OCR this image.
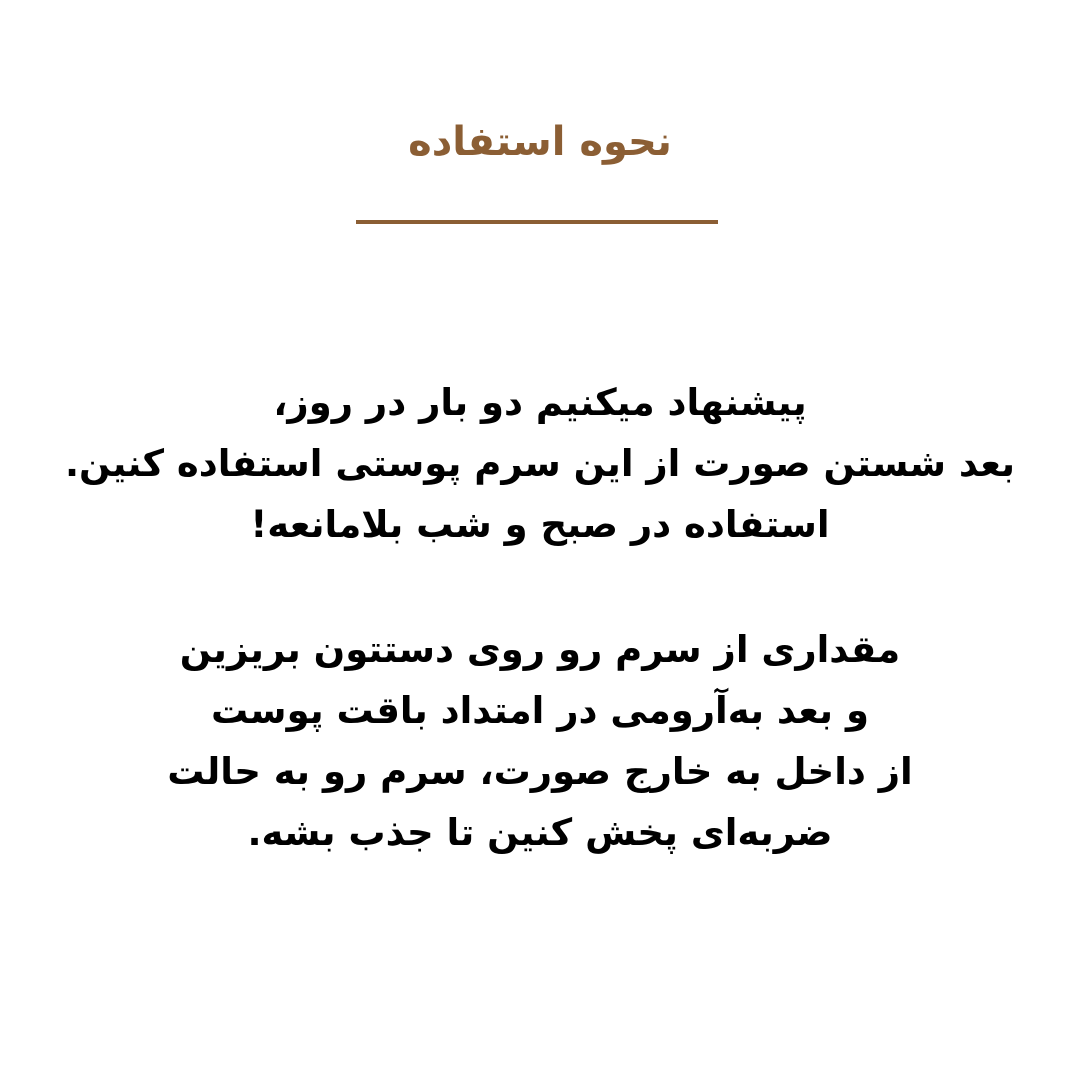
نحوه استفاده

پیشنهاد میکنیم دو بار در روز،
بعد شستن صورت از این سرم پوستی استفاده کنین.
استفاده در صبح و شب بلامانعه!

مقداری از سرم رو روی دستتون بریزین
و بعد به‌آرومی در امتداد باقت پوست
از داخل به خارج صورت، سرم رو به حالت
ضربه‌ای پخش کنین تا جذب بشه.
